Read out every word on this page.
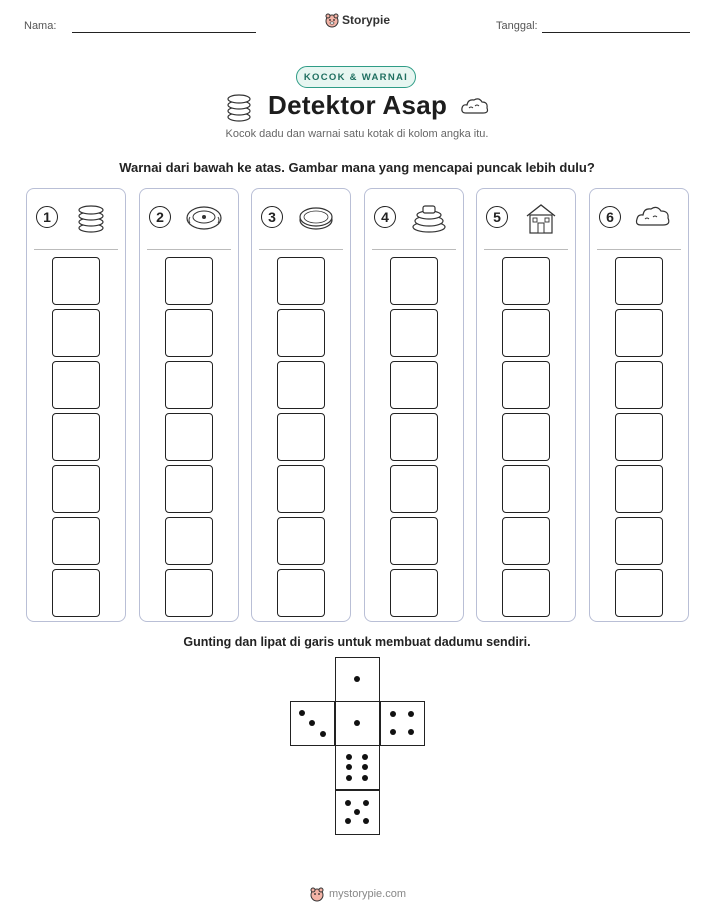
Nama:	Storypie	Tanggal:
KOCOK & WARNAI
Detektor Asap
Kocok dadu dan warnai satu kotak di kolom angka itu.
Warnai dari bawah ke atas. Gambar mana yang mencapai puncak lebih dulu?
1	2	3	4	5	6
Gunting dan lipat di garis untuk membuat dadumu sendiri.
mystorypie.com
